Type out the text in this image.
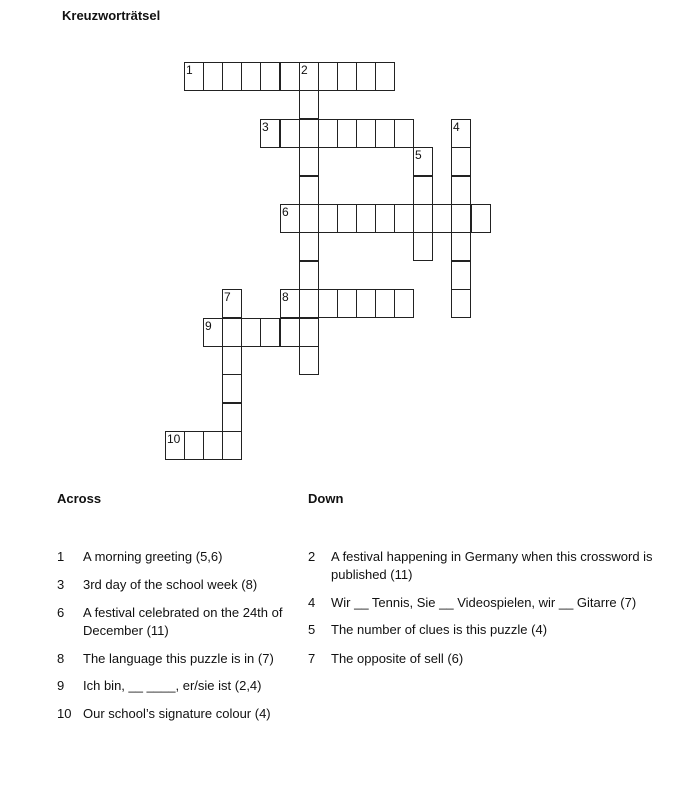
Kreuzworträtsel
1	2
3	4
5
6
7	8
9
10
Across	Down
1	A morning greeting (5,6)
3	3rd day of the school week (8)
6	A festival celebrated on the 24th of December (11)
8	The language this puzzle is in (7)
9	Ich bin, __ ____, er/sie ist (2,4)
10 Our school’s signature colour (4)
2	A festival happening in Germany when this crossword is published (11)
4	Wir __ Tennis, Sie __ Videospielen, wir __ Gitarre (7)
5	The number of clues is this puzzle (4)
7	The opposite of sell (6)
